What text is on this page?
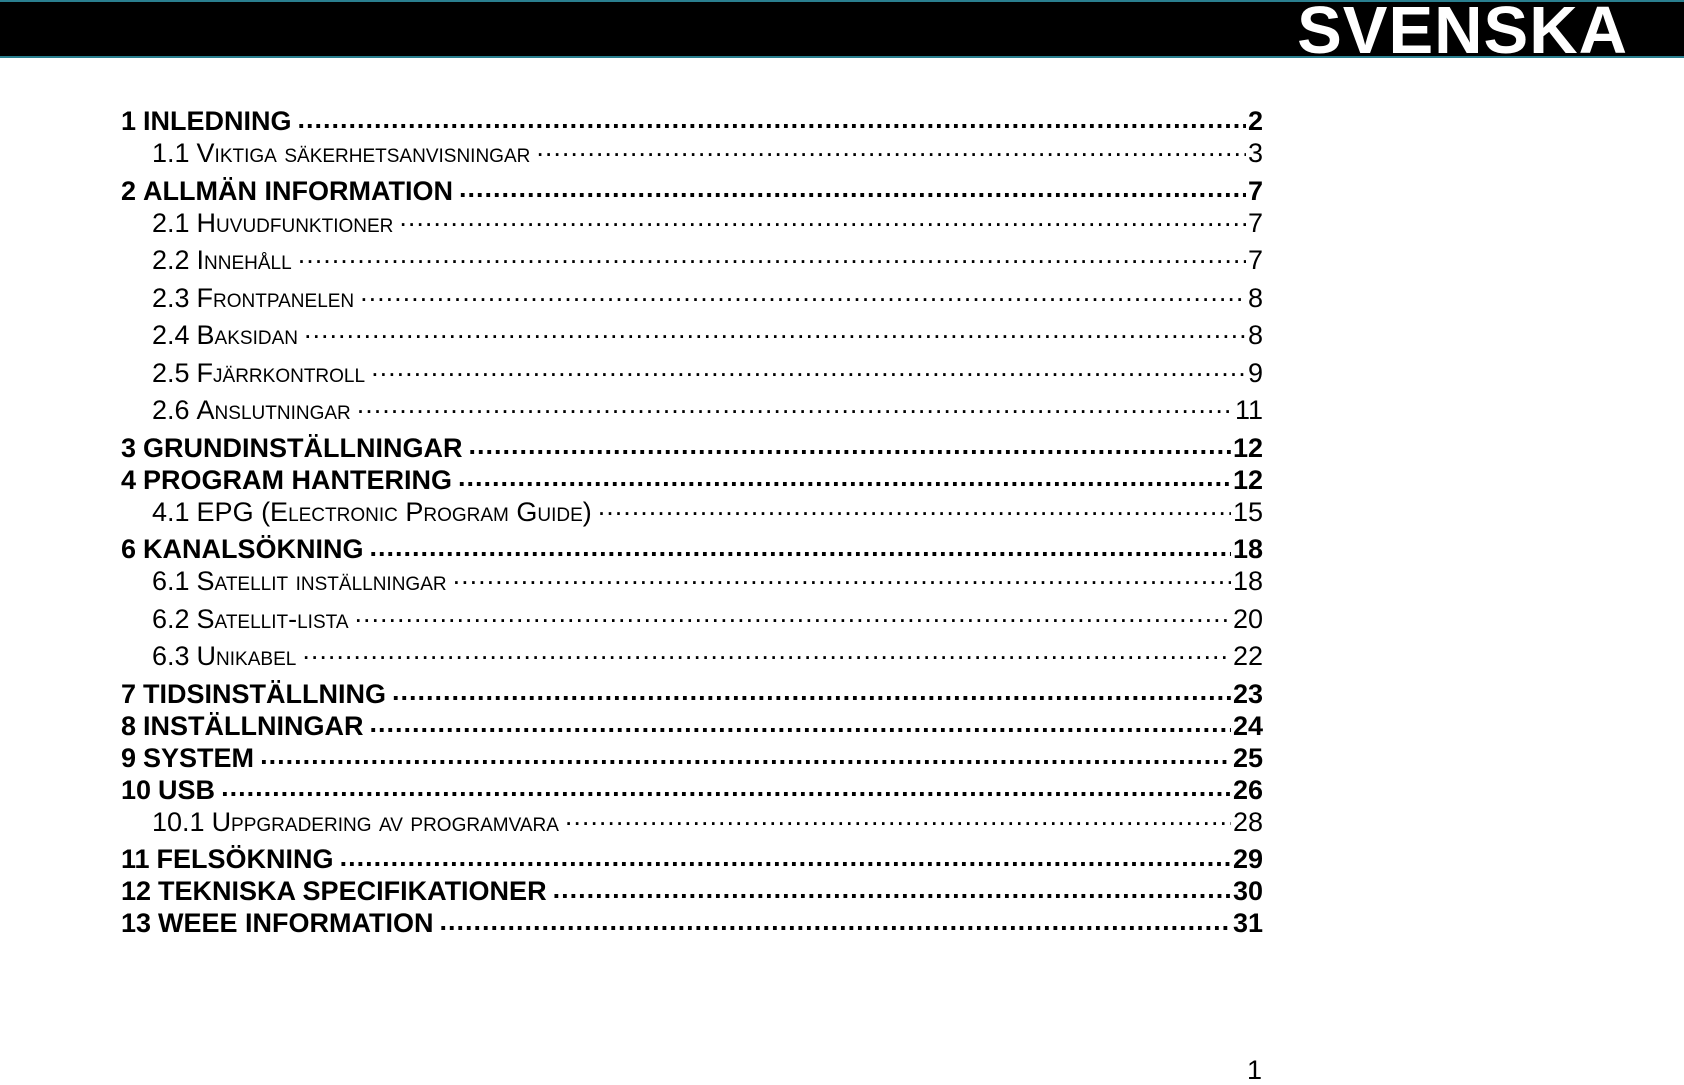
SVENSKA
1 INLEDNING .....	2
1.1 Viktiga säkerhetsanvisningar .....	3
2 ALLMÄN INFORMATION .....	7
2.1 Huvudfunktioner .....	7
2.2 Innehåll .....	7
2.3 Frontpanelen .....	8
2.4 Baksidan .....	8
2.5 Fjärrkontroll .....	9
2.6 Anslutningar .....	11
3 GRUNDINSTÄLLNINGAR .....	12
4 PROGRAM HANTERING .....	12
4.1 EPG (Electronic Program Guide) .....	15
6 KANALSÖKNING .....	18
6.1 Satellit inställningar .....	18
6.2 Satellit-lista .....	20
6.3 Unikabel .....	22
7 TIDSINSTÄLLNING .....	23
8 INSTÄLLNINGAR .....	24
9 SYSTEM .....	25
10 USB .....	26
10.1 Uppgradering av programvara .....	28
11 FELSÖKNING .....	29
12 TEKNISKA SPECIFIKATIONER .....	30
13 WEEE INFORMATION .....	31
1
